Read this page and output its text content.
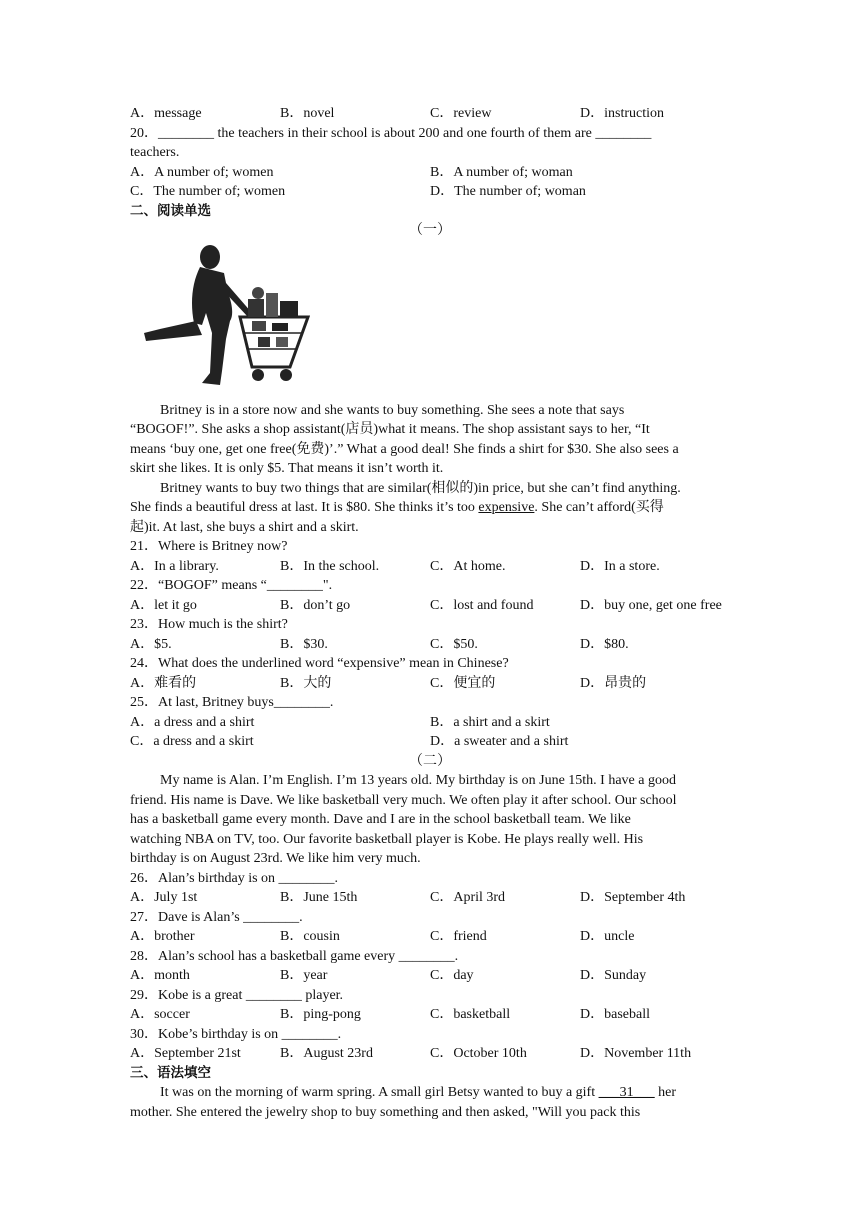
A．message	B．novel	C．review	D．instruction
20．________ the teachers in their school is about 200 and one fourth of them are ________
teachers.
A．A number of; women	B．A number of; woman
C．The number of; women	D．The number of; woman
二、阅读单选
（一）
Britney is in a store now and she wants to buy something. She sees a note that says
“BOGOF!”. She asks a shop assistant(店员)what it means. The shop assistant says to her, “It
means ‘buy one, get one free(免费)’.” What a good deal! She finds a shirt for $30. She also sees a
skirt she likes. It is only $5. That means it isn’t worth it.
Britney wants to buy two things that are similar(相似的)in price, but she can’t find anything.
She finds a beautiful dress at last. It is $80. She thinks it’s too expensive. She can’t afford(买得
起)it. At last, she buys a shirt and a skirt.
21．Where is Britney now?
A．In a library.	B．In the school.	C．At home.	D．In a store.
22．“BOGOF” means “________".
A．let it go	B．don’t go	C．lost and found	D．buy one, get one free
23．How much is the shirt?
A．$5.	B．$30.	C．$50.	D．$80.
24．What does the underlined word “expensive” mean in Chinese?
A．难看的	B．大的	C．便宜的	D．昂贵的
25．At last, Britney buys________.
A．a dress and a shirt	B．a shirt and a skirt
C．a dress and a skirt	D．a sweater and a shirt
（二）
My name is Alan. I’m English. I’m 13 years old. My birthday is on June 15th. I have a good
friend. His name is Dave. We like basketball very much. We often play it after school. Our school
has a basketball game every month. Dave and I are in the school basketball team. We like
watching NBA on TV, too. Our favorite basketball player is Kobe. He plays really well. His
birthday is on August 23rd. We like him very much.
26．Alan’s birthday is on ________.
A．July 1st	B．June 15th	C．April 3rd	D．September 4th
27．Dave is Alan’s ________.
A．brother	B．cousin	C．friend	D．uncle
28．Alan’s school has a basketball game every ________.
A．month	B．year	C．day	D．Sunday
29．Kobe is a great ________ player.
A．soccer	B．ping-pong	C．basketball	D．baseball
30．Kobe’s birthday is on ________.
A．September 21st	B．August 23rd	C．October 10th	D．November 11th
三、语法填空
It was on the morning of warm spring. A small girl Betsy wanted to buy a gift ___31___ her
mother. She entered the jewelry shop to buy something and then asked, "Will you pack this
